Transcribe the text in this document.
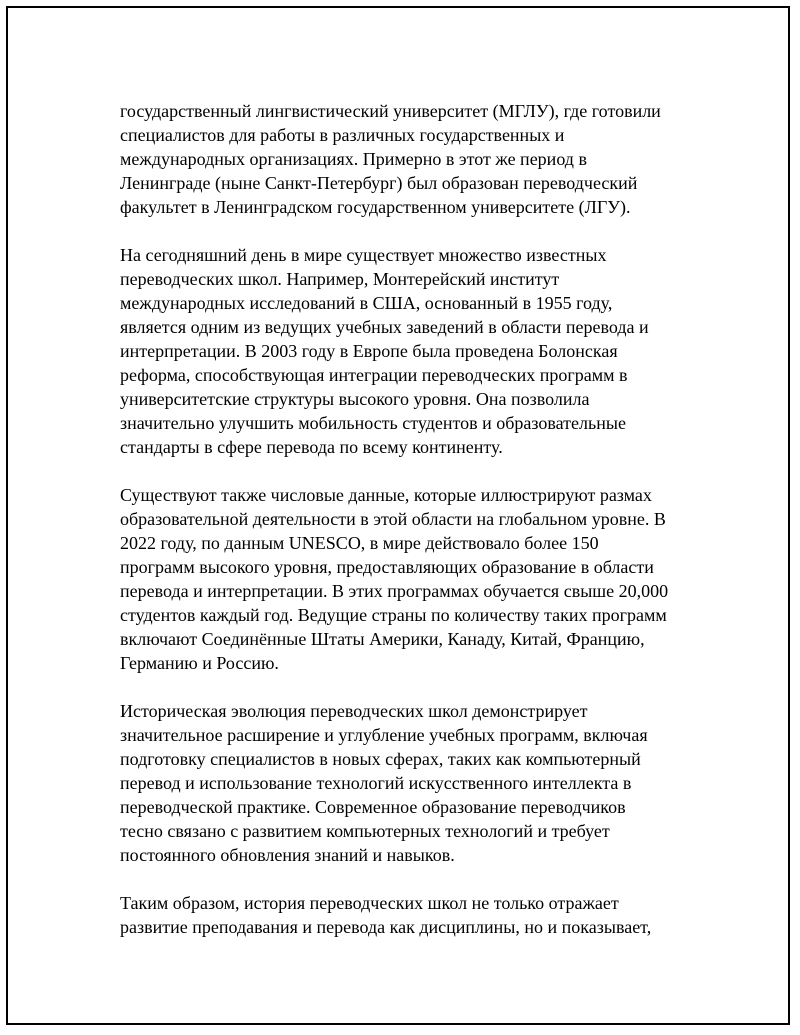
государственный лингвистический университет (МГЛУ), где готовили
специалистов для работы в различных государственных и
международных организациях. Примерно в этот же период в
Ленинграде (ныне Санкт-Петербург) был образован переводческий
факультет в Ленинградском государственном университете (ЛГУ).

На сегодняшний день в мире существует множество известных
переводческих школ. Например, Монтерейский институт
международных исследований в США, основанный в 1955 году,
является одним из ведущих учебных заведений в области перевода и
интерпретации. В 2003 году в Европе была проведена Болонская
реформа, способствующая интеграции переводческих программ в
университетские структуры высокого уровня. Она позволила
значительно улучшить мобильность студентов и образовательные
стандарты в сфере перевода по всему континенту.

Существуют также числовые данные, которые иллюстрируют размах
образовательной деятельности в этой области на глобальном уровне. В
2022 году, по данным UNESCO, в мире действовало более 150
программ высокого уровня, предоставляющих образование в области
перевода и интерпретации. В этих программах обучается свыше 20,000
студентов каждый год. Ведущие страны по количеству таких программ
включают Соединённые Штаты Америки, Канаду, Китай, Францию,
Германию и Россию.

Историческая эволюция переводческих школ демонстрирует
значительное расширение и углубление учебных программ, включая
подготовку специалистов в новых сферах, таких как компьютерный
перевод и использование технологий искусственного интеллекта в
переводческой практике. Современное образование переводчиков
тесно связано с развитием компьютерных технологий и требует
постоянного обновления знаний и навыков.

Таким образом, история переводческих школ не только отражает
развитие преподавания и перевода как дисциплины, но и показывает,
